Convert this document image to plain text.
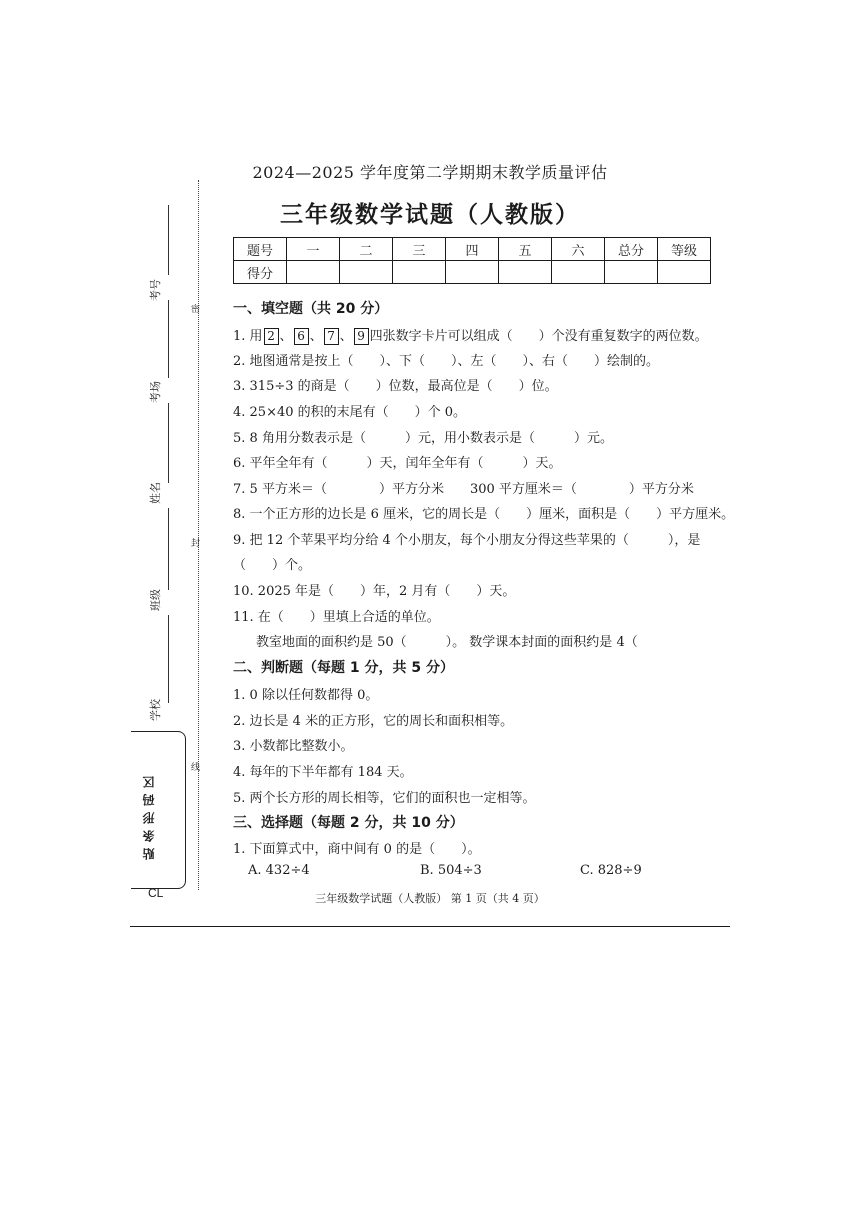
2024—2025 学年度第二学期期末教学质量评估
三年级数学试题（人教版）
题号	一	二	三	四	五	六	总分	等级
得分								
一、填空题（共 20 分）
1. 用 2 、 6 、 7 、 9 四张数字卡片可以组成（　　）个没有重复数字的两位数。
2. 地图通常是按上（　　）、下（　　）、左（　　）、右（　　）绘制的。
3. 315÷3 的商是（　　）位数，最高位是（　　）位。
4. 25×40 的积的末尾有（　　）个 0。
5. 8 角用分数表示是（　　　）元，用小数表示是（　　　）元。
6. 平年全年有（　　　）天，闰年全年有（　　　）天。
7. 5 平方米＝（　　　　）平方分米　　300 平方厘米＝（　　　　）平方分米
8. 一个正方形的边长是 6 厘米，它的周长是（　　）厘米，面积是（　　）平方厘米。
9. 把 12 个苹果平均分给 4 个小朋友，每个小朋友分得这些苹果的（　　　），是
（　　）个。
10. 2025 年是（　　）年，2 月有（　　）天。
11. 在（　　）里填上合适的单位。
教室地面的面积约是 50（　　　）。 数学课本封面的面积约是 4（
二、判断题（每题 1 分，共 5 分）
1. 0 除以任何数都得 0。
2. 边长是 4 米的正方形，它的周长和面积相等。
3. 小数都比整数小。
4. 每年的下半年都有 184 天。
5. 两个长方形的周长相等，它们的面积也一定相等。
三、选择题（每题 2 分，共 10 分）
1. 下面算式中，商中间有 0 的是（　　）。
A. 432÷4	B. 504÷3	C. 828÷9
密
封
线
考号
考场
姓名
班级
学校
贴条形码区
CL	三年级数学试题（人教版） 第 1 页（共 4 页）
